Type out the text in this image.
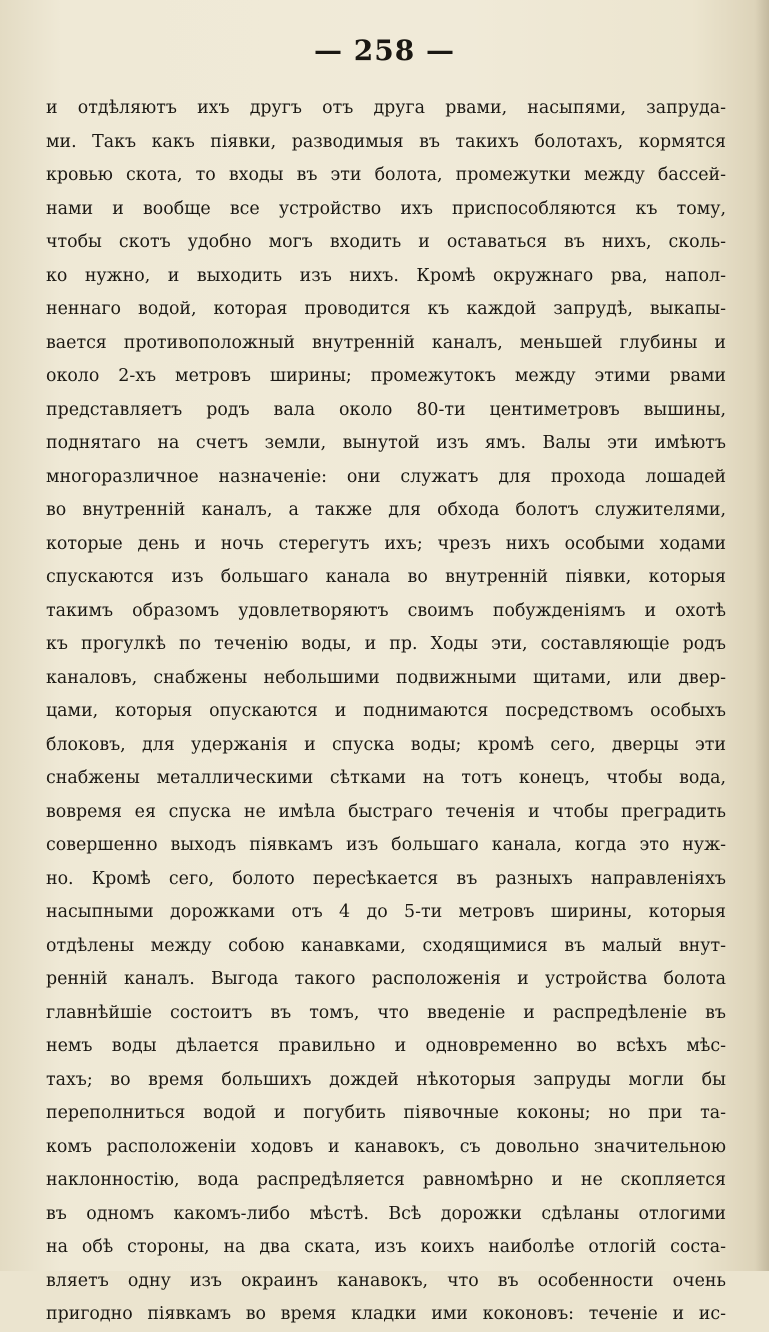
— 258 —
и отдѣляютъ ихъ другъ отъ друга рвами, насыпями, запруда-
ми. Такъ какъ піявки, разводимыя въ такихъ болотахъ, кормятся
кровью скота, то входы въ эти болота, промежутки между бассей-
нами и вообще все устройство ихъ приспособляются къ тому,
чтобы скотъ удобно могъ входить и оставаться въ нихъ, сколь-
ко нужно, и выходить изъ нихъ. Кромѣ окружнаго рва, напол-
неннаго водой, которая проводится къ каждой запрудѣ, выкапы-
вается противоположный внутренній каналъ, меньшей глубины и
около 2-хъ метровъ ширины; промежутокъ между этими рвами
представляетъ родъ вала около 80-ти центиметровъ вышины,
поднятаго на счетъ земли, вынутой изъ ямъ. Валы эти имѣютъ
многоразличное назначеніе: они служатъ для прохода лошадей
во внутренній каналъ, а также для обхода болотъ служителями,
которые день и ночь стерегутъ ихъ; чрезъ нихъ особыми ходами
спускаются изъ большаго канала во внутренній піявки, которыя
такимъ образомъ удовлетворяютъ своимъ побужденіямъ и охотѣ
къ прогулкѣ по теченію воды, и пр. Ходы эти, составляющіе родъ
каналовъ, снабжены небольшими подвижными щитами, или двер-
цами, которыя опускаются и поднимаются посредствомъ особыхъ
блоковъ, для удержанія и спуска воды; кромѣ сего, дверцы эти
снабжены металлическими сѣтками на тотъ конецъ, чтобы вода,
вовремя ея спуска не имѣла быстраго теченія и чтобы преградить
совершенно выходъ піявкамъ изъ большаго канала, когда это нуж-
но. Кромѣ сего, болото пересѣкается въ разныхъ направленіяхъ
насыпными дорожками отъ 4 до 5-ти метровъ ширины, которыя
отдѣлены между собою канавками, сходящимися въ малый внут-
ренній каналъ. Выгода такого расположенія и устройства болота
главнѣйшіе состоитъ въ томъ, что введеніе и распредѣленіе въ
немъ воды дѣлается правильно и одновременно во всѣхъ мѣс-
тахъ; во время большихъ дождей нѣкоторыя запруды могли бы
переполниться водой и погубить піявочные коконы; но при та-
комъ расположеніи ходовъ и канавокъ, съ довольно значительною
наклонностію, вода распредѣляется равномѣрно и не скопляется
въ одномъ какомъ-либо мѣстѣ. Всѣ дорожки сдѣланы отлогими
на обѣ стороны, на два ската, изъ коихъ наиболѣе отлогій соста-
вляетъ одну изъ окраинъ канавокъ, что въ особенности очень
пригодно піявкамъ во время кладки ими коконовъ: теченіе и ис-
